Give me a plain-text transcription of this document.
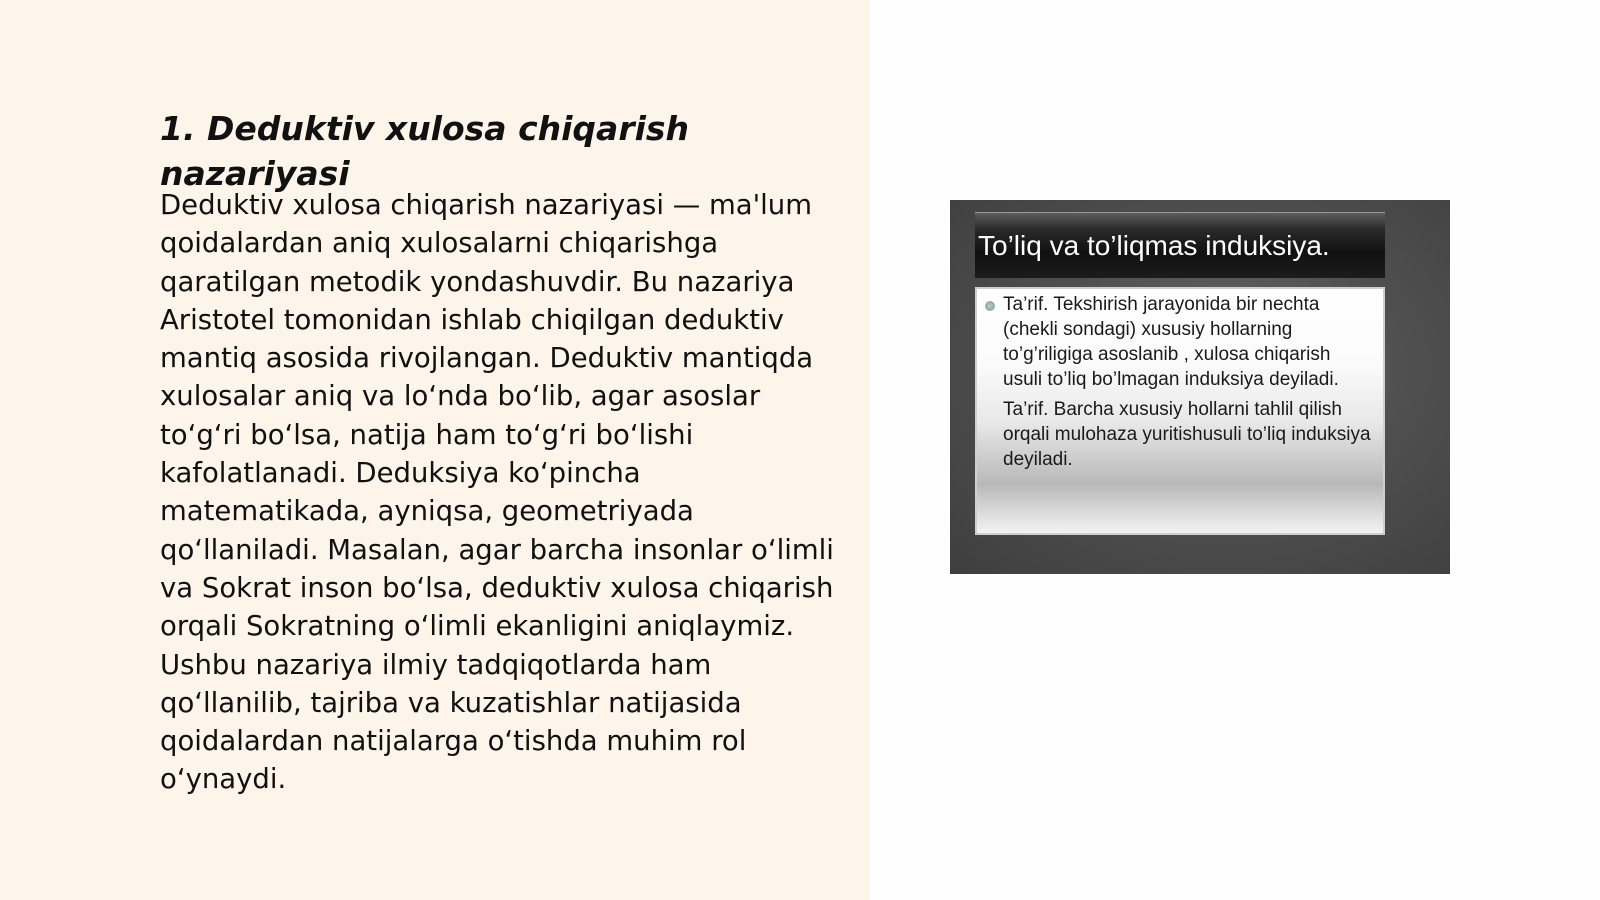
1. Deduktiv xulosa chiqarish nazariyasi

Deduktiv xulosa chiqarish nazariyasi — ma'lum qoidalardan aniq xulosalarni chiqarishga qaratilgan metodik yondashuvdir. Bu nazariya Aristotel tomonidan ishlab chiqilgan deduktiv mantiq asosida rivojlangan. Deduktiv mantiqda xulosalar aniq va lo‘nda bo‘lib, agar asoslar to‘g‘ri bo‘lsa, natija ham to‘g‘ri bo‘lishi kafolatlanadi. Deduksiya ko‘pincha matematikada, ayniqsa, geometriyada qo‘llaniladi. Masalan, agar barcha insonlar o‘limli va Sokrat inson bo‘lsa, deduktiv xulosa chiqarish orqali Sokratning o‘limli ekanligini aniqlaymiz. Ushbu nazariya ilmiy tadqiqotlarda ham qo‘llanilib, tajriba va kuzatishlar natijasida qoidalardan natijalarga o‘tishda muhim rol o‘ynaydi.

To’liq va to’liqmas induksiya.

Ta’rif. Tekshirish jarayonida bir nechta (chekli sondagi) xususiy hollarning to’g’riligiga asoslanib , xulosa chiqarish usuli to’liq bo’lmagan induksiya deyiladi.

Ta’rif. Barcha xususiy hollarni tahlil qilish orqali mulohaza yuritishusuli to’liq induksiya deyiladi.
